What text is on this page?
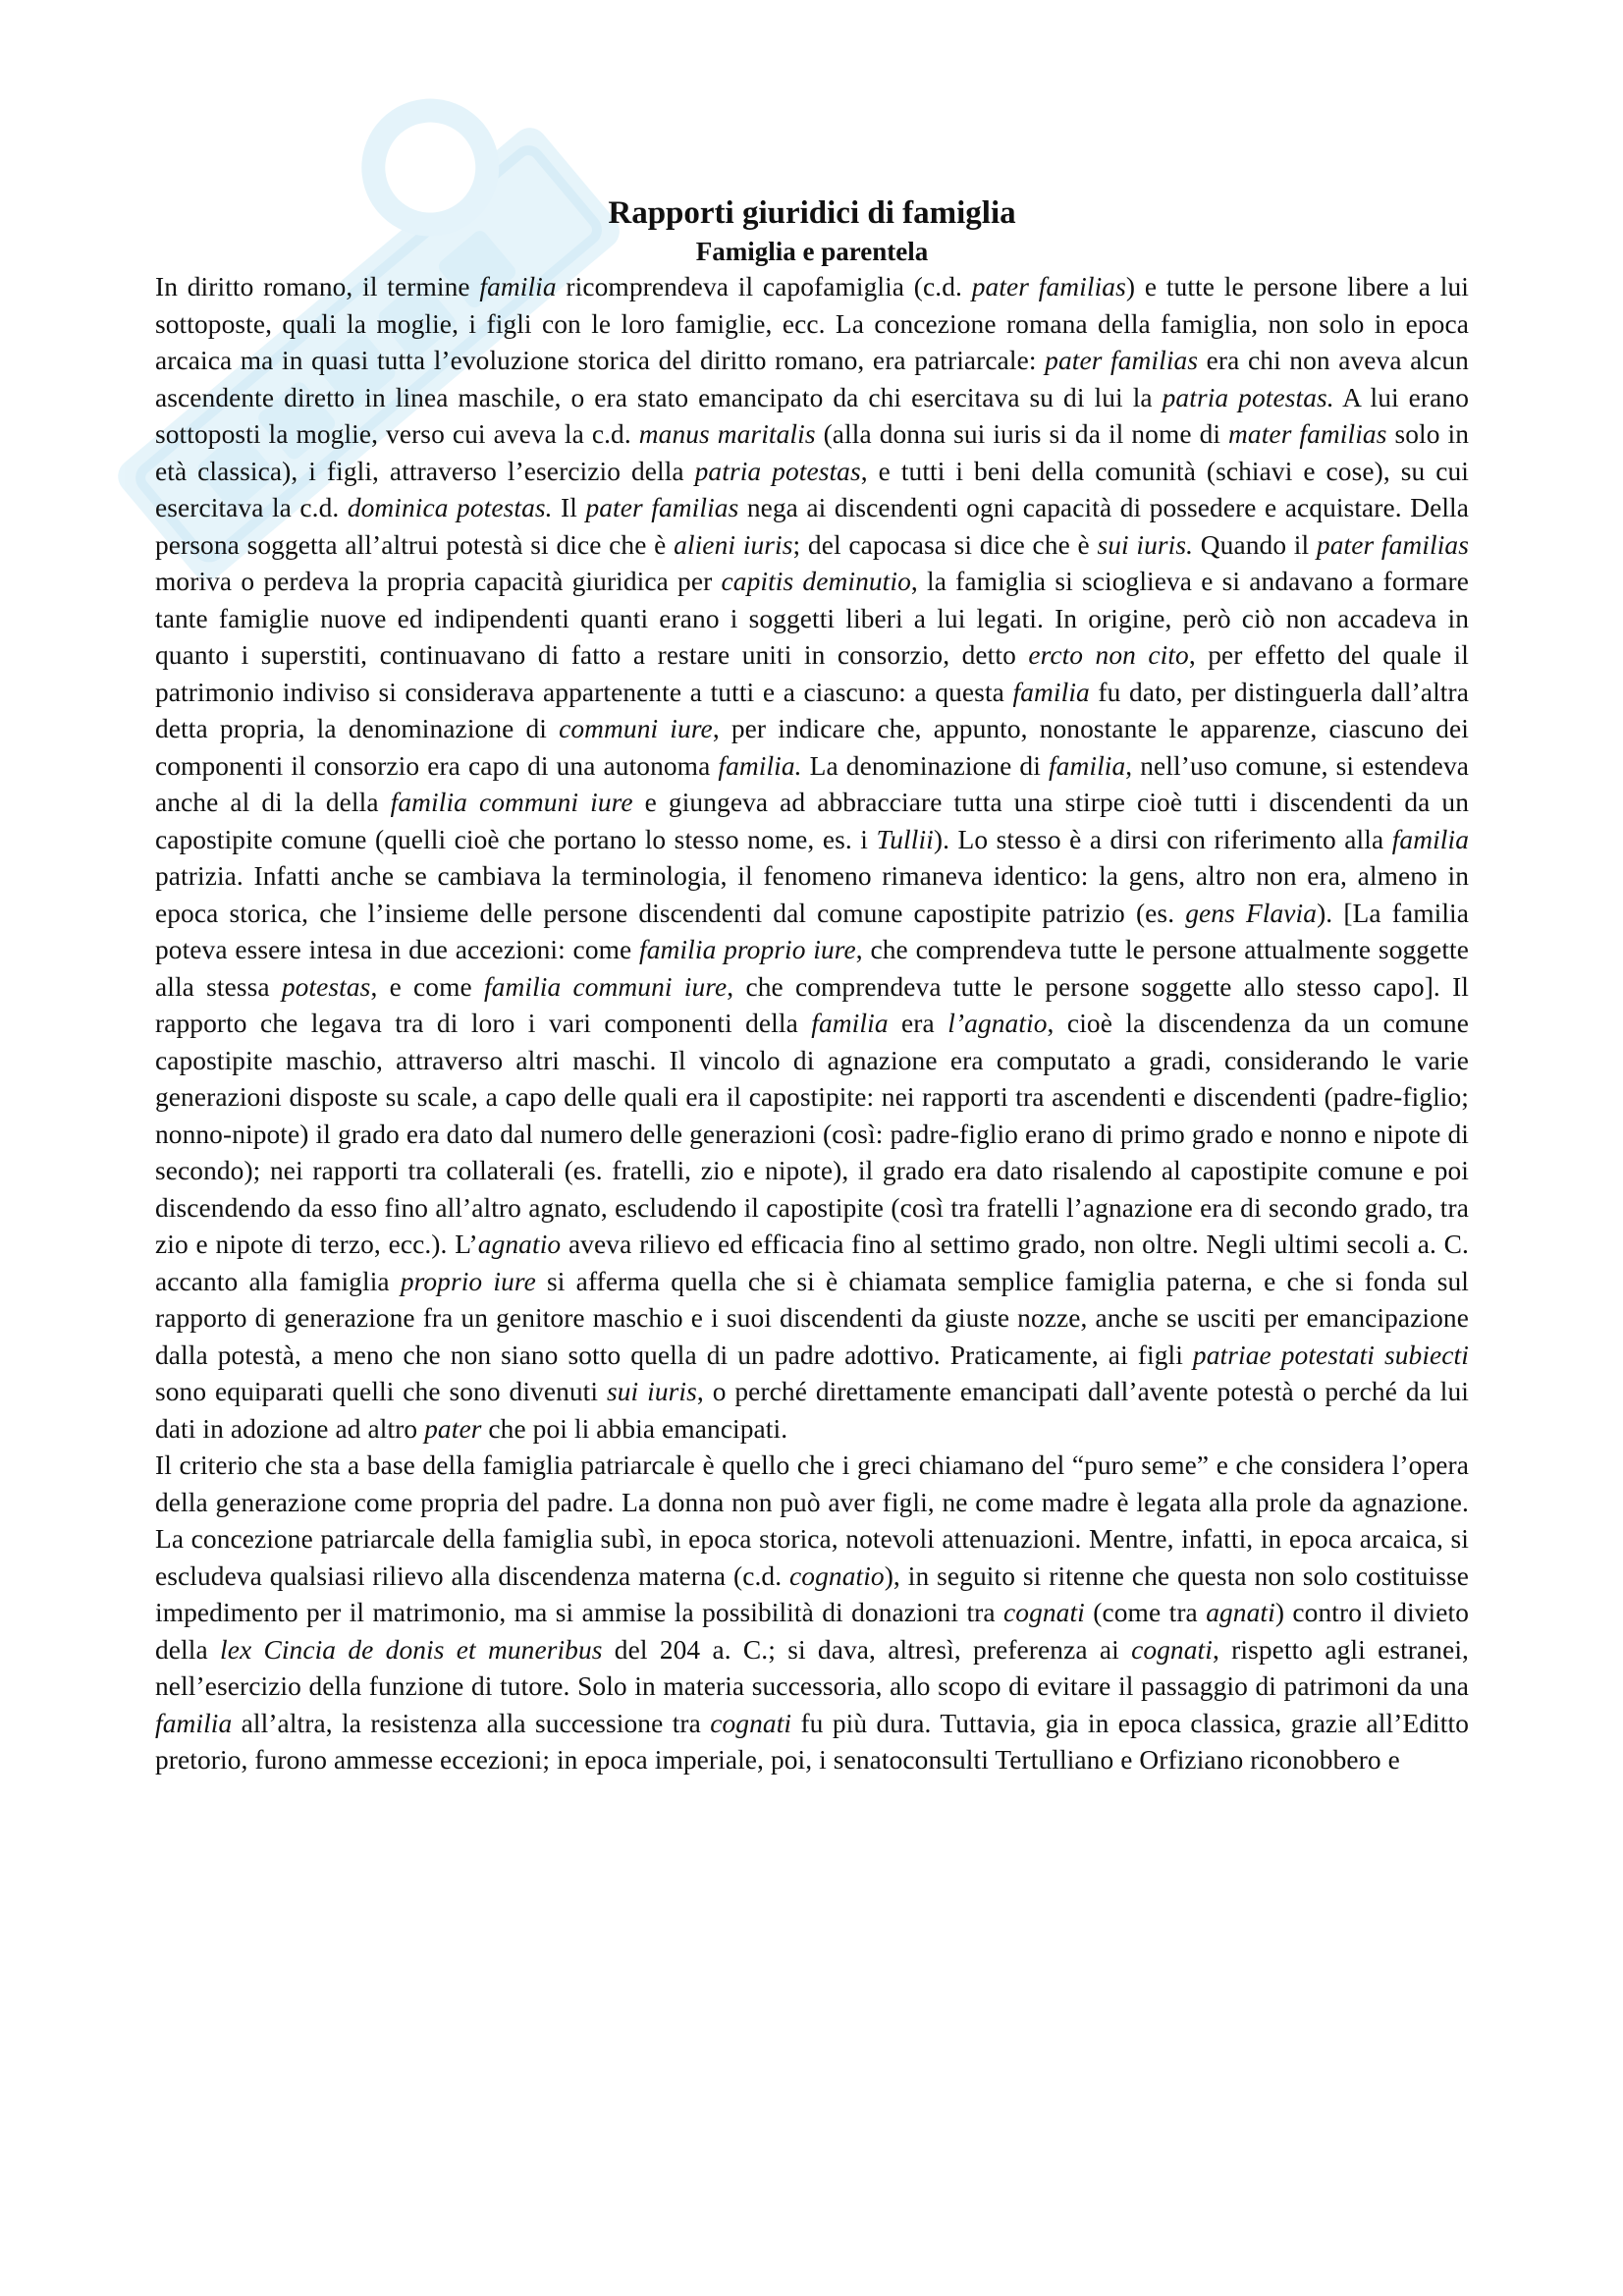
Rapporti giuridici di famiglia
Famiglia e parentela

In diritto romano, il termine familia ricomprendeva il capofamiglia (c.d. pater familias) e tutte le persone libere a lui sottoposte, quali la moglie, i figli con le loro famiglie, ecc. La concezione romana della famiglia, non solo in epoca arcaica ma in quasi tutta l’evoluzione storica del diritto romano, era patriarcale: pater familias era chi non aveva alcun ascendente diretto in linea maschile, o era stato emancipato da chi esercitava su di lui la patria potestas. A lui erano sottoposti la moglie, verso cui aveva la c.d. manus maritalis (alla donna sui iuris si da il nome di mater familias solo in età classica), i figli, attraverso l’esercizio della patria potestas, e tutti i beni della comunità (schiavi e cose), su cui esercitava la c.d. dominica potestas. Il pater familias nega ai discendenti ogni capacità di possedere e acquistare. Della persona soggetta all’altrui potestà si dice che è alieni iuris; del capocasa si dice che è sui iuris. Quando il pater familias moriva o perdeva la propria capacità giuridica per capitis deminutio, la famiglia si scioglieva e si andavano a formare tante famiglie nuove ed indipendenti quanti erano i soggetti liberi a lui legati. In origine, però ciò non accadeva in quanto i superstiti, continuavano di fatto a restare uniti in consorzio, detto ercto non cito, per effetto del quale il patrimonio indiviso si considerava appartenente a tutti e a ciascuno: a questa familia fu dato, per distinguerla dall’altra detta propria, la denominazione di communi iure, per indicare che, appunto, nonostante le apparenze, ciascuno dei componenti il consorzio era capo di una autonoma familia. La denominazione di familia, nell’uso comune, si estendeva anche al di la della familia communi iure e giungeva ad abbracciare tutta una stirpe cioè tutti i discendenti da un capostipite comune (quelli cioè che portano lo stesso nome, es. i Tullii). Lo stesso è a dirsi con riferimento alla familia patrizia. Infatti anche se cambiava la terminologia, il fenomeno rimaneva identico: la gens, altro non era, almeno in epoca storica, che l’insieme delle persone discendenti dal comune capostipite patrizio (es. gens Flavia). [La familia poteva essere intesa in due accezioni: come familia proprio iure, che comprendeva tutte le persone attualmente soggette alla stessa potestas, e come familia communi iure, che comprendeva tutte le persone soggette allo stesso capo]. Il rapporto che legava tra di loro i vari componenti della familia era l’agnatio, cioè la discendenza da un comune capostipite maschio, attraverso altri maschi. Il vincolo di agnazione era computato a gradi, considerando le varie generazioni disposte su scale, a capo delle quali era il capostipite: nei rapporti tra ascendenti e discendenti (padre-figlio; nonno-nipote) il grado era dato dal numero delle generazioni (così: padre-figlio erano di primo grado e nonno e nipote di secondo); nei rapporti tra collaterali (es. fratelli, zio e nipote), il grado era dato risalendo al capostipite comune e poi discendendo da esso fino all’altro agnato, escludendo il capostipite (così tra fratelli l’agnazione era di secondo grado, tra zio e nipote di terzo, ecc.). L’agnatio aveva rilievo ed efficacia fino al settimo grado, non oltre. Negli ultimi secoli a. C. accanto alla famiglia proprio iure si afferma quella che si è chiamata semplice famiglia paterna, e che si fonda sul rapporto di generazione fra un genitore maschio e i suoi discendenti da giuste nozze, anche se usciti per emancipazione dalla potestà, a meno che non siano sotto quella di un padre adottivo. Praticamente, ai figli patriae potestati subiecti sono equiparati quelli che sono divenuti sui iuris, o perché direttamente emancipati dall’avente potestà o perché da lui dati in adozione ad altro pater che poi li abbia emancipati.

Il criterio che sta a base della famiglia patriarcale è quello che i greci chiamano del “puro seme” e che considera l’opera della generazione come propria del padre. La donna non può aver figli, ne come madre è legata alla prole da agnazione. La concezione patriarcale della famiglia subì, in epoca storica, notevoli attenuazioni. Mentre, infatti, in epoca arcaica, si escludeva qualsiasi rilievo alla discendenza materna (c.d. cognatio), in seguito si ritenne che questa non solo costituisse impedimento per il matrimonio, ma si ammise la possibilità di donazioni tra cognati (come tra agnati) contro il divieto della lex Cincia de donis et muneribus del 204 a. C.; si dava, altresì, preferenza ai cognati, rispetto agli estranei, nell’esercizio della funzione di tutore. Solo in materia successoria, allo scopo di evitare il passaggio di patrimoni da una familia all’altra, la resistenza alla successione tra cognati fu più dura. Tuttavia, gia in epoca classica, grazie all’Editto pretorio, furono ammesse eccezioni; in epoca imperiale, poi, i senatoconsulti Tertulliano e Orfiziano riconobbero e
